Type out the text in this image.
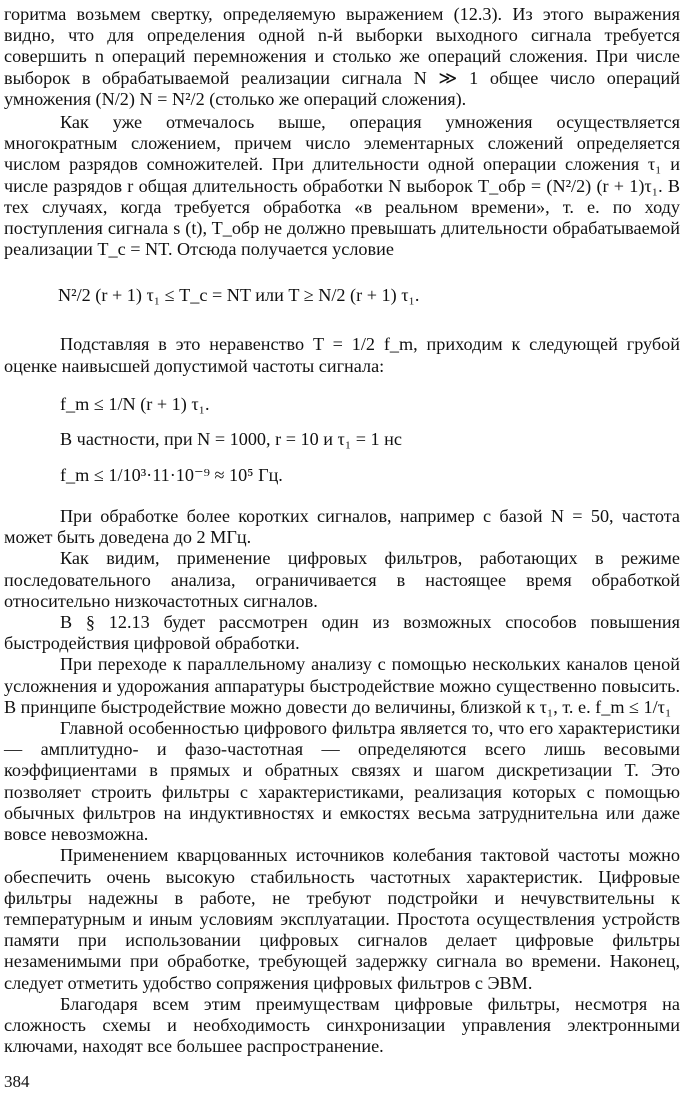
горитма возьмем свертку, определяемую выражением (12.3). Из этого выражения видно, что для определения одной n-й выборки выходного сигнала требуется совершить n операций перемножения и столько же операций сложения. При числе выборок в обрабатываемой реализации сигнала N ≫ 1 общее число операций умножения (N/2) N = N²/2 (столько же операций сложения).

Как уже отмечалось выше, операция умножения осуществляется многократным сложением, причем число элементарных сложений определяется числом разрядов сомножителей. При длительности одной операции сложения τ₁ и числе разрядов r общая длительность обработки N выборок T_обр = (N²/2) (r + 1)τ₁. В тех случаях, когда требуется обработка «в реальном времени», т. е. по ходу поступления сигнала s (t), T_обр не должно превышать длительности обрабатываемой реализации T_c = NT. Отсюда получается условие

N²/2 (r + 1) τ₁ ≤ T_c = NT или T ≥ N/2 (r + 1) τ₁.

Подставляя в это неравенство T = 1/2 f_m, приходим к следующей грубой оценке наивысшей допустимой частоты сигнала:

f_m ≤ 1/N (r + 1) τ₁.

В частности, при N = 1000, r = 10 и τ₁ = 1 нс

f_m ≤ 1/10³·11·10⁻⁹ ≈ 10⁵ Гц.

При обработке более коротких сигналов, например с базой N = 50, частота может быть доведена до 2 МГц.

Как видим, применение цифровых фильтров, работающих в режиме последовательного анализа, ограничивается в настоящее время обработкой относительно низкочастотных сигналов.

В § 12.13 будет рассмотрен один из возможных способов повышения быстродействия цифровой обработки.

При переходе к параллельному анализу с помощью нескольких каналов ценой усложнения и удорожания аппаратуры быстродействие можно существенно повысить. В принципе быстродействие можно довести до величины, близкой к τ₁, т. е. f_m ≤ 1/τ₁

Главной особенностью цифрового фильтра является то, что его характеристики — амплитудно- и фазо-частотная — определяются всего лишь весовыми коэффициентами в прямых и обратных связях и шагом дискретизации T. Это позволяет строить фильтры с характеристиками, реализация которых с помощью обычных фильтров на индуктивностях и емкостях весьма затруднительна или даже вовсе невозможна.

Применением кварцованных источников колебания тактовой частоты можно обеспечить очень высокую стабильность частотных характеристик. Цифровые фильтры надежны в работе, не требуют подстройки и нечувствительны к температурным и иным условиям эксплуатации. Простота осуществления устройств памяти при использовании цифровых сигналов делает цифровые фильтры незаменимыми при обработке, требующей задержку сигнала во времени. Наконец, следует отметить удобство сопряжения цифровых фильтров с ЭВМ.

Благодаря всем этим преимуществам цифровые фильтры, несмотря на сложность схемы и необходимость синхронизации управления электронными ключами, находят все большее распространение.

384
